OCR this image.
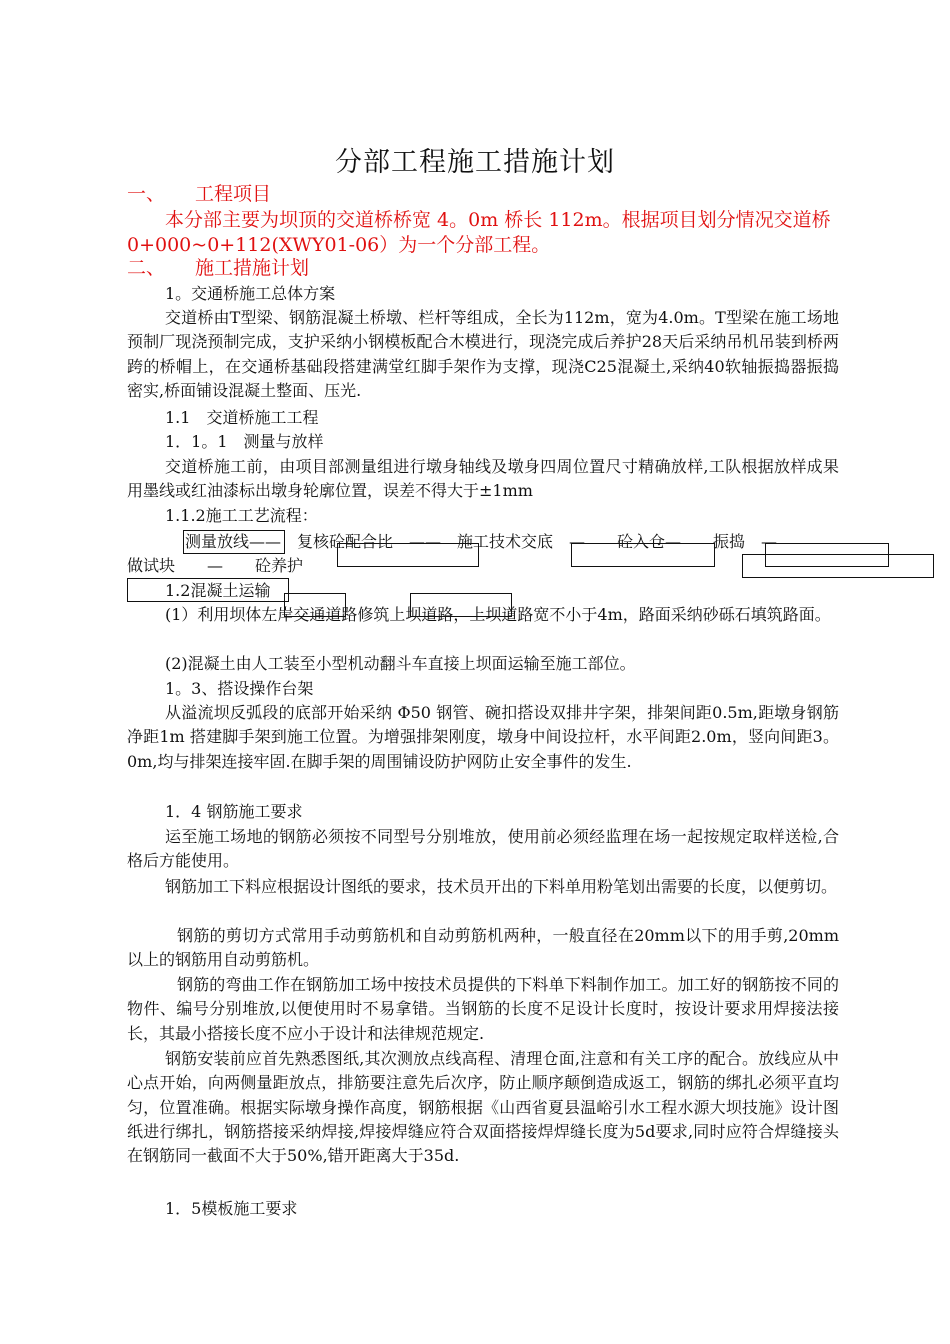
分部工程施工措施计划
一、 工程项目
本分部主要为坝顶的交道桥桥宽 4。0m 桥长 112m。根据项目划分情况交道桥 0+000~0+112(XWY01-06）为一个分部工程。
二、 施工措施计划
1。交通桥施工总体方案
交道桥由T型梁、钢筋混凝土桥墩、栏杆等组成，全长为112m，宽为4.0m。T型梁在施工场地预制厂现浇预制完成，支护采纳小钢模板配合木模进行，现浇完成后养护28天后采纳吊机吊装到桥两跨的桥帽上，在交通桥基础段搭建满堂红脚手架作为支撑，现浇C25混凝土,采纳40软轴振捣器振捣密实,桥面铺设混凝土整面、压光.
1.1　交道桥施工工程
1．1。1　测量与放样
交道桥施工前，由项目部测量组进行墩身轴线及墩身四周位置尺寸精确放样,工队根据放样成果用墨线或红油漆标出墩身轮廓位置，误差不得大于±1mm
1.1.2施工工艺流程：
测量放线——　复核砼配合比　——　施工技术交底　—　　砼入仓—　　振捣　—
做试块　　—　　砼养护
1.2混凝土运输
(1）利用坝体左岸交通道路修筑上坝道路，上坝道路宽不小于4m，路面采纳砂砾石填筑路面。
(2)混凝土由人工装至小型机动翻斗车直接上坝面运输至施工部位。
1。3、搭设操作台架
从溢流坝反弧段的底部开始采纳 Φ50 钢管、碗扣搭设双排井字架，排架间距0.5m,距墩身钢筋净距1m 搭建脚手架到施工位置。为增强排架刚度，墩身中间设拉杆，水平间距2.0m，竖向间距3。0m,均与排架连接牢固.在脚手架的周围铺设防护网防止安全事件的发生.
1．4 钢筋施工要求
运至施工场地的钢筋必须按不同型号分别堆放，使用前必须经监理在场一起按规定取样送检,合格后方能使用。
钢筋加工下料应根据设计图纸的要求，技术员开出的下料单用粉笔划出需要的长度，以便剪切。
钢筋的剪切方式常用手动剪筋机和自动剪筋机两种，一般直径在20mm以下的用手剪,20mm以上的钢筋用自动剪筋机。
钢筋的弯曲工作在钢筋加工场中按技术员提供的下料单下料制作加工。加工好的钢筋按不同的物件、编号分别堆放,以便使用时不易拿错。当钢筋的长度不足设计长度时，按设计要求用焊接法接长，其最小搭接长度不应小于设计和法律规范规定.
钢筋安装前应首先熟悉图纸,其次测放点线高程、清理仓面,注意和有关工序的配合。放线应从中心点开始，向两侧量距放点，排筋要注意先后次序，防止顺序颠倒造成返工，钢筋的绑扎必须平直均匀，位置准确。根据实际墩身操作高度，钢筋根据《山西省夏县温峪引水工程水源大坝技施》设计图纸进行绑扎，钢筋搭接采纳焊接,焊接焊缝应符合双面搭接焊焊缝长度为5d要求,同时应符合焊缝接头在钢筋同一截面不大于50%,错开距离大于35d.
1．5模板施工要求
